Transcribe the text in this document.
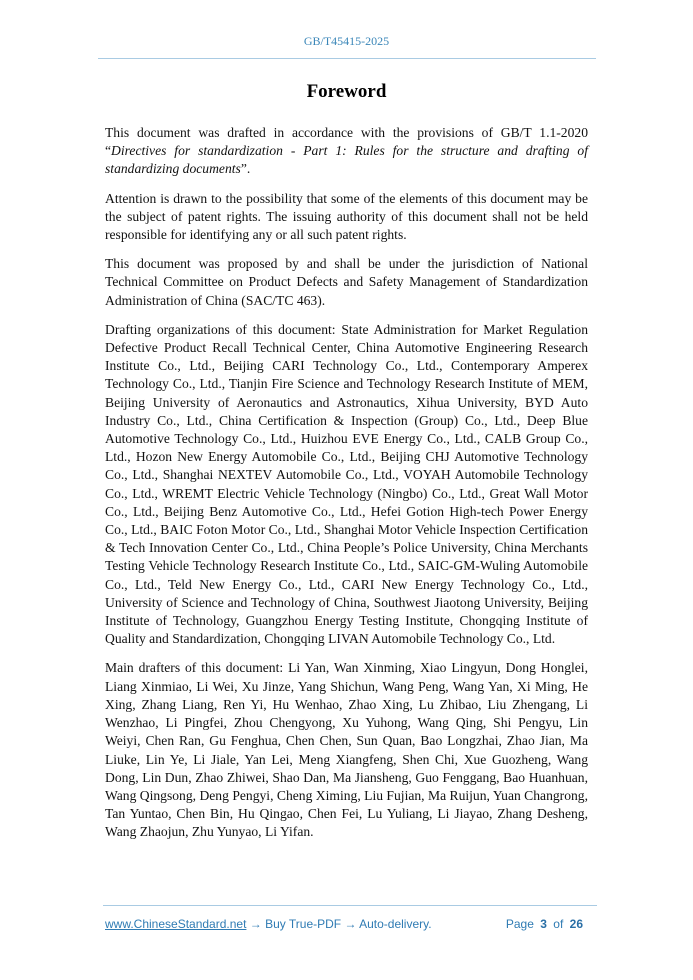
GB/T45415-2025
Foreword

This document was drafted in accordance with the provisions of GB/T 1.1-2020 “Directives for standardization - Part 1: Rules for the structure and drafting of standardizing documents”.

Attention is drawn to the possibility that some of the elements of this document may be the subject of patent rights. The issuing authority of this document shall not be held responsible for identifying any or all such patent rights.

This document was proposed by and shall be under the jurisdiction of National Technical Committee on Product Defects and Safety Management of Standardization Administration of China (SAC/TC 463).

Drafting organizations of this document: State Administration for Market Regulation Defective Product Recall Technical Center, China Automotive Engineering Research Institute Co., Ltd., Beijing CARI Technology Co., Ltd., Contemporary Amperex Technology Co., Ltd., Tianjin Fire Science and Technology Research Institute of MEM, Beijing University of Aeronautics and Astronautics, Xihua University, BYD Auto Industry Co., Ltd., China Certification & Inspection (Group) Co., Ltd., Deep Blue Automotive Technology Co., Ltd., Huizhou EVE Energy Co., Ltd., CALB Group Co., Ltd., Hozon New Energy Automobile Co., Ltd., Beijing CHJ Automotive Technology Co., Ltd., Shanghai NEXTEV Automobile Co., Ltd., VOYAH Automobile Technology Co., Ltd., WREMT Electric Vehicle Technology (Ningbo) Co., Ltd., Great Wall Motor Co., Ltd., Beijing Benz Automotive Co., Ltd., Hefei Gotion High-tech Power Energy Co., Ltd., BAIC Foton Motor Co., Ltd., Shanghai Motor Vehicle Inspection Certification & Tech Innovation Center Co., Ltd., China People’s Police University, China Merchants Testing Vehicle Technology Research Institute Co., Ltd., SAIC-GM-Wuling Automobile Co., Ltd., Teld New Energy Co., Ltd., CARI New Energy Technology Co., Ltd., University of Science and Technology of China, Southwest Jiaotong University, Beijing Institute of Technology, Guangzhou Energy Testing Institute, Chongqing Institute of Quality and Standardization, Chongqing LIVAN Automobile Technology Co., Ltd.

Main drafters of this document: Li Yan, Wan Xinming, Xiao Lingyun, Dong Honglei, Liang Xinmiao, Li Wei, Xu Jinze, Yang Shichun, Wang Peng, Wang Yan, Xi Ming, He Xing, Zhang Liang, Ren Yi, Hu Wenhao, Zhao Xing, Lu Zhibao, Liu Zhengang, Li Wenzhao, Li Pingfei, Zhou Chengyong, Xu Yuhong, Wang Qing, Shi Pengyu, Lin Weiyi, Chen Ran, Gu Fenghua, Chen Chen, Sun Quan, Bao Longzhai, Zhao Jian, Ma Liuke, Lin Ye, Li Jiale, Yan Lei, Meng Xiangfeng, Shen Chi, Xue Guozheng, Wang Dong, Lin Dun, Zhao Zhiwei, Shao Dan, Ma Jiansheng, Guo Fenggang, Bao Huanhuan, Wang Qingsong, Deng Pengyi, Cheng Ximing, Liu Fujian, Ma Ruijun, Yuan Changrong, Tan Yuntao, Chen Bin, Hu Qingao, Chen Fei, Lu Yuliang, Li Jiayao, Zhang Desheng, Wang Zhaojun, Zhu Yunyao, Li Yifan.

www.ChineseStandard.net → Buy True-PDF → Auto-delivery.	Page 3 of 26
